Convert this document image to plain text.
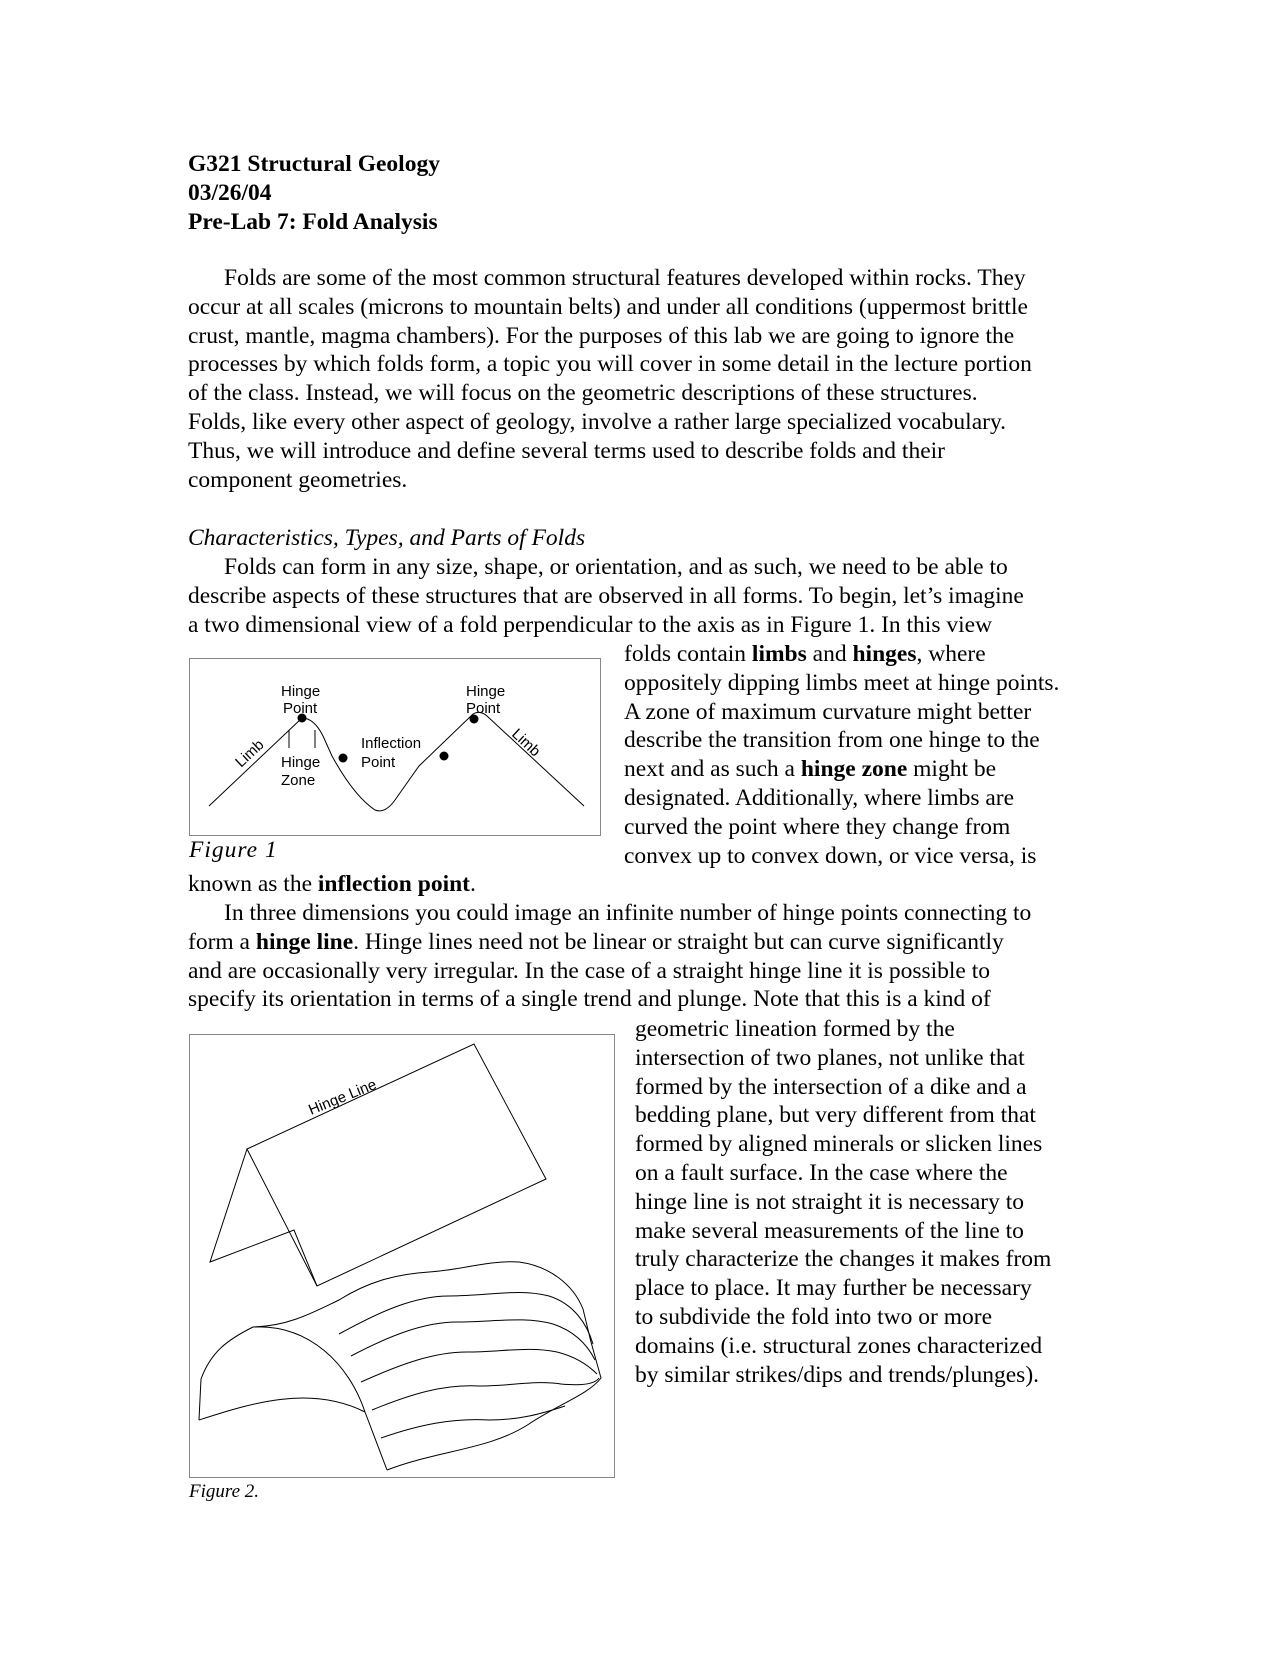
G321 Structural Geology
03/26/04
Pre-Lab 7: Fold Analysis
Folds are some of the most common structural features developed within rocks. They
occur at all scales (microns to mountain belts) and under all conditions (uppermost brittle
crust, mantle, magma chambers). For the purposes of this lab we are going to ignore the
processes by which folds form, a topic you will cover in some detail in the lecture portion
of the class. Instead, we will focus on the geometric descriptions of these structures.
Folds, like every other aspect of geology, involve a rather large specialized vocabulary.
Thus, we will introduce and define several terms used to describe folds and their
component geometries.
Characteristics, Types, and Parts of Folds
Folds can form in any size, shape, or orientation, and as such, we need to be able to
describe aspects of these structures that are observed in all forms. To begin, let’s imagine
a two dimensional view of a fold perpendicular to the axis as in Figure 1. In this view
folds contain limbs and hinges, where
oppositely dipping limbs meet at hinge points.
A zone of maximum curvature might better
describe the transition from one hinge to the
next and as such a hinge zone might be
designated. Additionally, where limbs are
curved the point where they change from
convex up to convex down, or vice versa, is
Hinge
Point
Hinge
Point
Inflection
Point
Hinge
Zone
Limb	Limb
Figure 1
known as the inflection point.
In three dimensions you could image an infinite number of hinge points connecting to
form a hinge line. Hinge lines need not be linear or straight but can curve significantly
and are occasionally very irregular. In the case of a straight hinge line it is possible to
specify its orientation in terms of a single trend and plunge. Note that this is a kind of
geometric lineation formed by the
intersection of two planes, not unlike that
formed by the intersection of a dike and a
bedding plane, but very different from that
formed by aligned minerals or slicken lines
on a fault surface. In the case where the
hinge line is not straight it is necessary to
make several measurements of the line to
truly characterize the changes it makes from
place to place. It may further be necessary
to subdivide the fold into two or more
domains (i.e. structural zones characterized
by similar strikes/dips and trends/plunges).
Hinge Line
Figure 2.
